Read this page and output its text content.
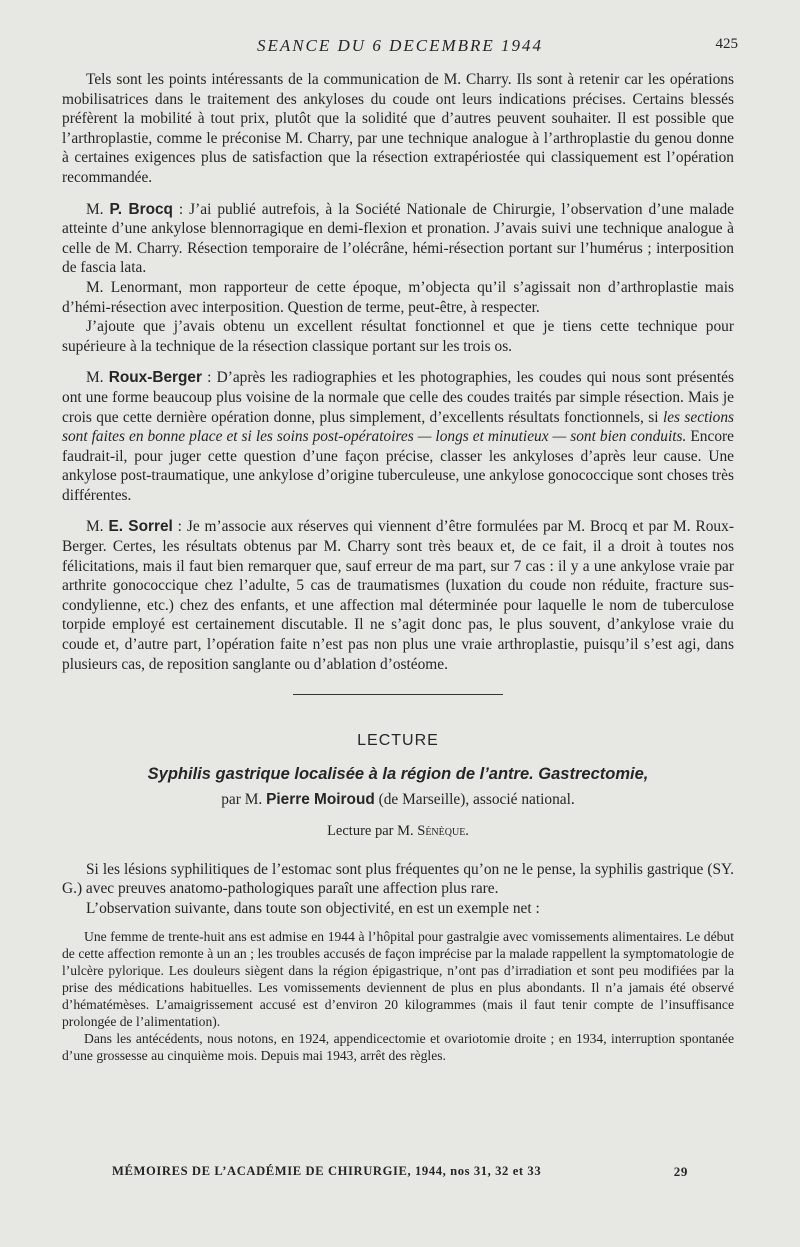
SEANCE DU 6 DECEMBRE 1944	425

Tels sont les points intéressants de la communication de M. Charry. Ils sont à retenir car les opérations mobilisatrices dans le traitement des ankyloses du coude ont leurs indications précises. Certains blessés préfèrent la mobilité à tout prix, plutôt que la solidité que d’autres peuvent souhaiter. Il est possible que l’arthroplastie, comme le préconise M. Charry, par une technique analogue à l’arthroplastie du genou donne à certaines exigences plus de satisfaction que la résection extrapériostée qui classiquement est l’opération recommandée.

M. P. Brocq : J’ai publié autrefois, à la Société Nationale de Chirurgie, l’observation d’une malade atteinte d’une ankylose blennorragique en demi-flexion et pronation. J’avais suivi une technique analogue à celle de M. Charry. Résection temporaire de l’olécrâne, hémi-résection portant sur l’humérus ; interposition de fascia lata.

M. Lenormant, mon rapporteur de cette époque, m’objecta qu’il s’agissait non d’arthroplastie mais d’hémi-résection avec interposition. Question de terme, peut-être, à respecter.

J’ajoute que j’avais obtenu un excellent résultat fonctionnel et que je tiens cette technique pour supérieure à la technique de la résection classique portant sur les trois os.

M. Roux-Berger : D’après les radiographies et les photographies, les coudes qui nous sont présentés ont une forme beaucoup plus voisine de la normale que celle des coudes traités par simple résection. Mais je crois que cette dernière opération donne, plus simplement, d’excellents résultats fonctionnels, si les sections sont faites en bonne place et si les soins post-opératoires — longs et minutieux — sont bien conduits. Encore faudrait-il, pour juger cette question d’une façon précise, classer les ankyloses d’après leur cause. Une ankylose post-traumatique, une ankylose d’origine tuberculeuse, une ankylose gonococcique sont choses très différentes.

M. E. Sorrel : Je m’associe aux réserves qui viennent d’être formulées par M. Brocq et par M. Roux-Berger. Certes, les résultats obtenus par M. Charry sont très beaux et, de ce fait, il a droit à toutes nos félicitations, mais il faut bien remarquer que, sauf erreur de ma part, sur 7 cas : il y a une ankylose vraie par arthrite gonococcique chez l’adulte, 5 cas de traumatismes (luxation du coude non réduite, fracture sus-condylienne, etc.) chez des enfants, et une affection mal déterminée pour laquelle le nom de tuberculose torpide employé est certainement discutable. Il ne s’agit donc pas, le plus souvent, d’ankylose vraie du coude et, d’autre part, l’opération faite n’est pas non plus une vraie arthroplastie, puisqu’il s’est agi, dans plusieurs cas, de reposition sanglante ou d’ablation d’ostéome.

LECTURE
Syphilis gastrique localisée à la région de l’antre. Gastrectomie,
par M. Pierre Moiroud (de Marseille), associé national.
Lecture par M. Sénèque.

Si les lésions syphilitiques de l’estomac sont plus fréquentes qu’on ne le pense, la syphilis gastrique (SY. G.) avec preuves anatomo-pathologiques paraît une affection plus rare.

L’observation suivante, dans toute son objectivité, en est un exemple net :

Une femme de trente-huit ans est admise en 1944 à l’hôpital pour gastralgie avec vomissements alimentaires. Le début de cette affection remonte à un an ; les troubles accusés de façon imprécise par la malade rappellent la symptomatologie de l’ulcère pylorique. Les douleurs siègent dans la région épigastrique, n’ont pas d’irradiation et sont peu modifiées par la prise des médications habituelles. Les vomissements deviennent de plus en plus abondants. Il n’a jamais été observé d’hématémèses. L’amaigrissement accusé est d’environ 20 kilogrammes (mais il faut tenir compte de l’insuffisance prolongée de l’alimentation).

Dans les antécédents, nous notons, en 1924, appendicectomie et ovariotomie droite ; en 1934, interruption spontanée d’une grossesse au cinquième mois. Depuis mai 1943, arrêt des règles.

MÉMOIRES DE L’ACADÉMIE DE CHIRURGIE, 1944, nos 31, 32 et 33	29
